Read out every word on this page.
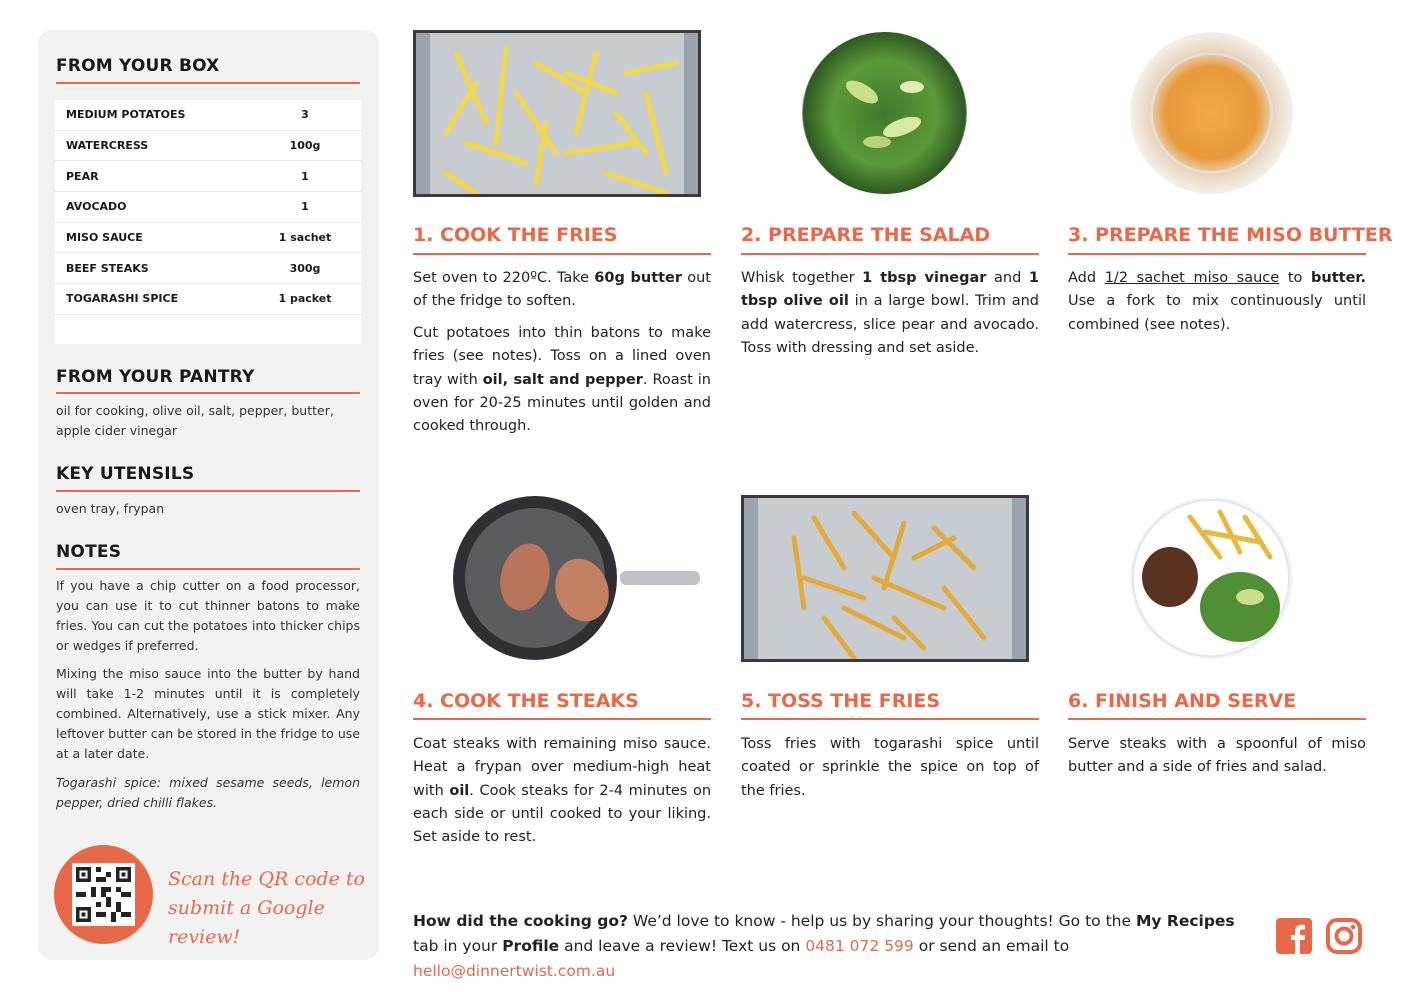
FROM YOUR BOX
MEDIUM POTATOES	3
WATERCRESS	100g
PEAR	1
AVOCADO	1
MISO SAUCE	1 sachet
BEEF STEAKS	300g
TOGARASHI SPICE	1 packet
FROM YOUR PANTRY
oil for cooking, olive oil, salt, pepper, butter, apple cider vinegar
KEY UTENSILS
oven tray, frypan
NOTES
If you have a chip cutter on a food processor, you can use it to cut thinner batons to make fries. You can cut the potatoes into thicker chips or wedges if preferred.
Mixing the miso sauce into the butter by hand will take 1-2 minutes until it is completely combined. Alternatively, use a stick mixer. Any leftover butter can be stored in the fridge to use at a later date.
Togarashi spice: mixed sesame seeds, lemon pepper, dried chilli flakes.
Scan the QR code to
submit a Google review!
1. COOK THE FRIES
Set oven to 220ºC. Take 60g butter out of the fridge to soften.
Cut potatoes into thin batons to make fries (see notes). Toss on a lined oven tray with oil, salt and pepper. Roast in oven for 20-25 minutes until golden and cooked through.
2. PREPARE THE SALAD
Whisk together 1 tbsp vinegar and 1 tbsp olive oil in a large bowl. Trim and add watercress, slice pear and avocado. Toss with dressing and set aside.
3. PREPARE THE MISO BUTTER
Add 1/2 sachet miso sauce to butter. Use a fork to mix continuously until combined (see notes).
4. COOK THE STEAKS
Coat steaks with remaining miso sauce. Heat a frypan over medium-high heat with oil. Cook steaks for 2-4 minutes on each side or until cooked to your liking. Set aside to rest.
5. TOSS THE FRIES
Toss fries with togarashi spice until coated or sprinkle the spice on top of the fries.
6. FINISH AND SERVE
Serve steaks with a spoonful of miso butter and a side of fries and salad.
How did the cooking go? We’d love to know - help us by sharing your thoughts! Go to the My Recipes tab in your Profile and leave a review! Text us on 0481 072 599 or send an email to hello@dinnertwist.com.au
